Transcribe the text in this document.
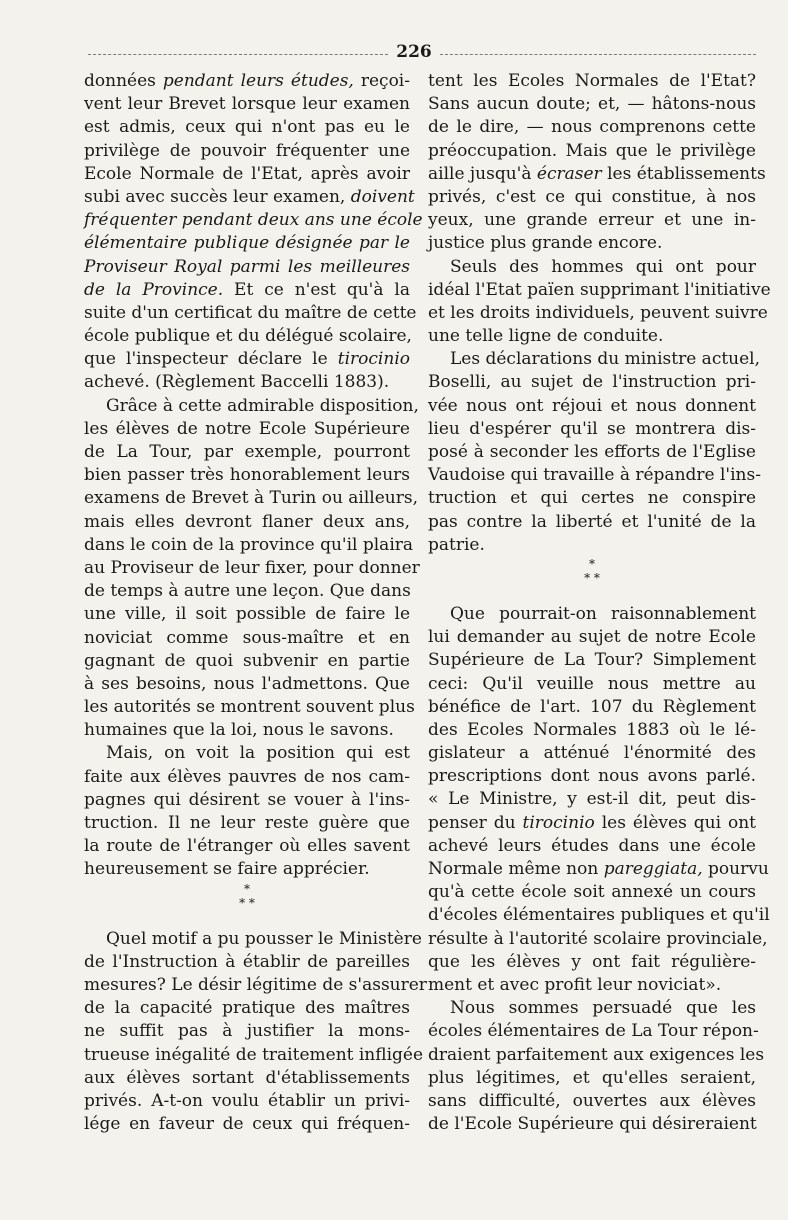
226
données pendant leurs études, reçoi-
vent leur Brevet lorsque leur examen
est admis, ceux qui n'ont pas eu le
privilège de pouvoir fréquenter une
Ecole Normale de l'Etat, après avoir
subi avec succès leur examen, doivent
fréquenter pendant deux ans une école
élémentaire publique désignée par le
Proviseur Royal parmi les meilleures
de la Province. Et ce n'est qu'à la
suite d'un certificat du maître de cette
école publique et du délégué scolaire,
que l'inspecteur déclare le tirocinio
achevé. (Règlement Baccelli 1883).
Grâce à cette admirable disposition,
les élèves de notre Ecole Supérieure
de La Tour, par exemple, pourront
bien passer très honorablement leurs
examens de Brevet à Turin ou ailleurs,
mais elles devront flaner deux ans,
dans le coin de la province qu'il plaira
au Proviseur de leur fixer, pour donner
de temps à autre une leçon. Que dans
une ville, il soit possible de faire le
noviciat comme sous-maître et en
gagnant de quoi subvenir en partie
à ses besoins, nous l'admettons. Que
les autorités se montrent souvent plus
humaines que la loi, nous le savons.
Mais, on voit la position qui est
faite aux élèves pauvres de nos cam-
pagnes qui désirent se vouer à l'ins-
truction. Il ne leur reste guère que
la route de l'étranger où elles savent
heureusement se faire apprécier.
*
* *
Quel motif a pu pousser le Ministère
de l'Instruction à établir de pareilles
mesures? Le désir légitime de s'assurer
de la capacité pratique des maîtres
ne suffit pas à justifier la mons-
trueuse inégalité de traitement infligée
aux élèves sortant d'établissements
privés. A-t-on voulu établir un privi-
lége en faveur de ceux qui fréquen-
tent les Ecoles Normales de l'Etat?
Sans aucun doute; et, — hâtons-nous
de le dire, — nous comprenons cette
préoccupation. Mais que le privilège
aille jusqu'à écraser les établissements
privés, c'est ce qui constitue, à nos
yeux, une grande erreur et une in-
justice plus grande encore.
Seuls des hommes qui ont pour
idéal l'Etat païen supprimant l'initiative
et les droits individuels, peuvent suivre
une telle ligne de conduite.
Les déclarations du ministre actuel,
Boselli, au sujet de l'instruction pri-
vée nous ont réjoui et nous donnent
lieu d'espérer qu'il se montrera dis-
posé à seconder les efforts de l'Eglise
Vaudoise qui travaille à répandre l'ins-
truction et qui certes ne conspire
pas contre la liberté et l'unité de la
patrie.
*
* *
Que pourrait-on raisonnablement
lui demander au sujet de notre Ecole
Supérieure de La Tour? Simplement
ceci: Qu'il veuille nous mettre au
bénéfice de l'art. 107 du Règlement
des Ecoles Normales 1883 où le lé-
gislateur a atténué l'énormité des
prescriptions dont nous avons parlé.
« Le Ministre, y est-il dit, peut dis-
penser du tirocinio les élèves qui ont
achevé leurs études dans une école
Normale même non pareggiata, pourvu
qu'à cette école soit annexé un cours
d'écoles élémentaires publiques et qu'il
résulte à l'autorité scolaire provinciale,
que les élèves y ont fait régulière-
ment et avec profit leur noviciat».
Nous sommes persuadé que les
écoles élémentaires de La Tour répon-
draient parfaitement aux exigences les
plus légitimes, et qu'elles seraient,
sans difficulté, ouvertes aux élèves
de l'Ecole Supérieure qui désireraient
